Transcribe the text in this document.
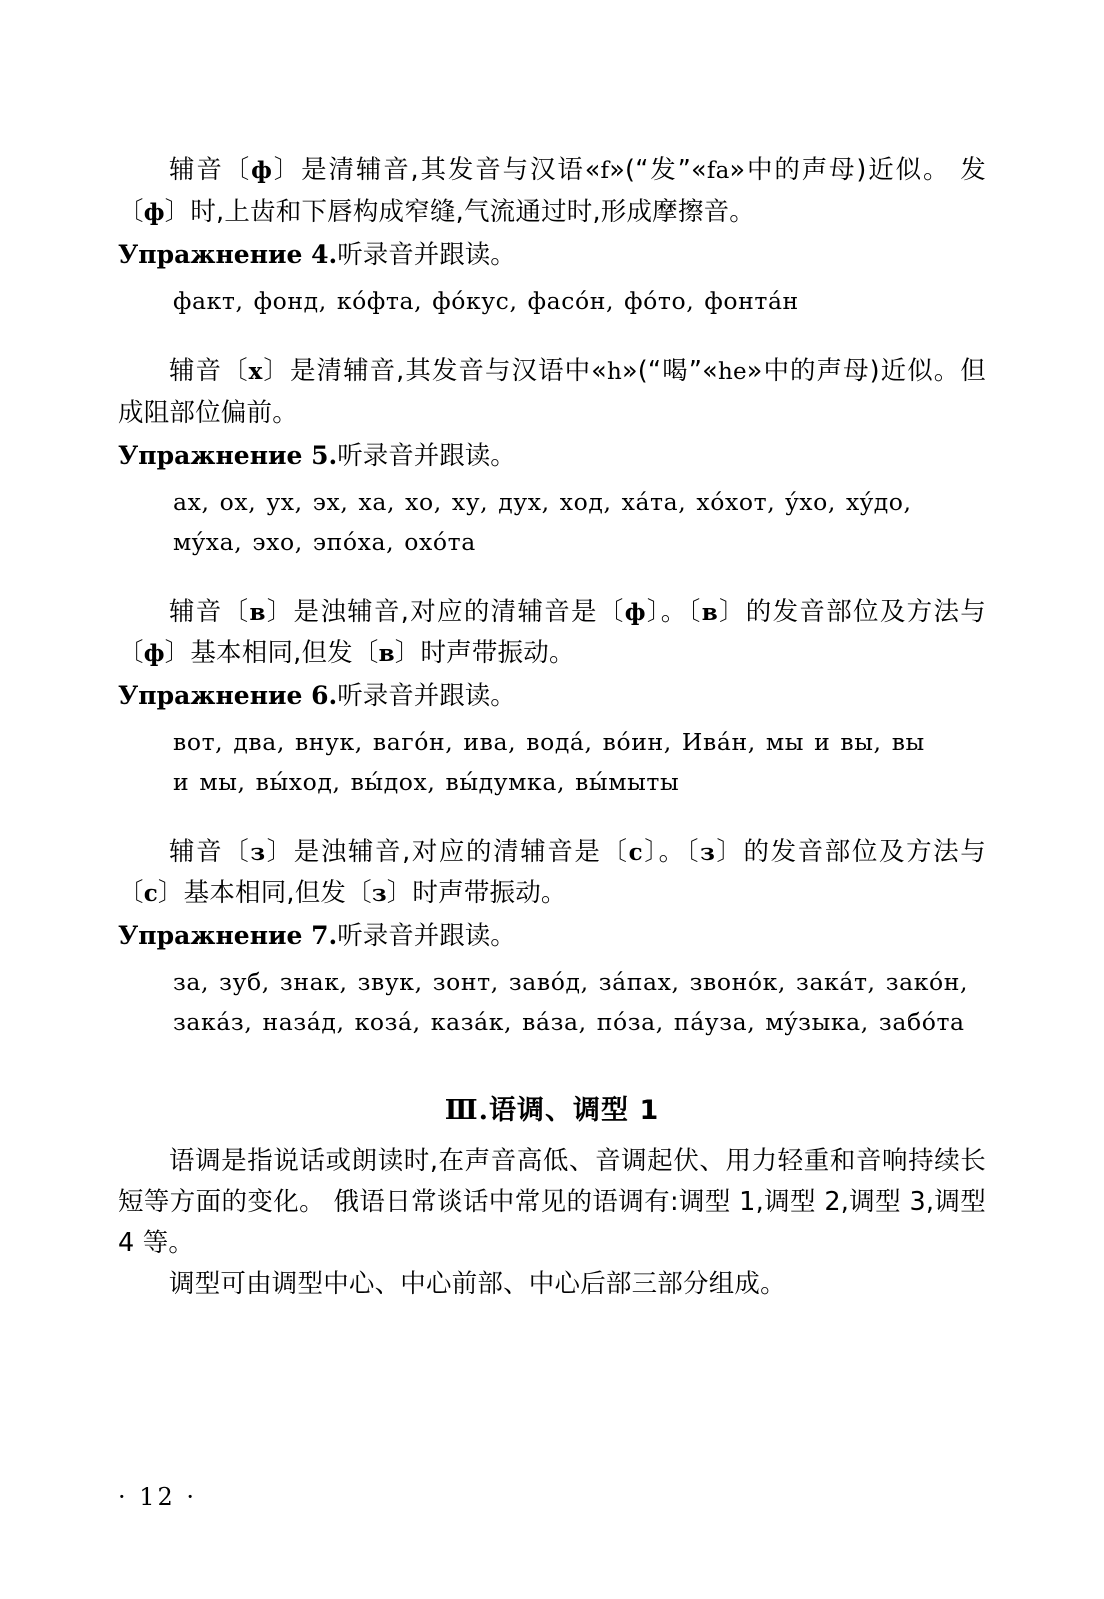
辅音〔ф〕是清辅音,其发音与汉语«f»(“发”«fa»中的声母)近似。 发〔ф〕时,上齿和下唇构成窄缝,气流通过时,形成摩擦音。

Упражнение 4.听录音并跟读。

факт, фонд, кóфта, фóкус, фасóн, фóто, фонтáн

辅音〔х〕是清辅音,其发音与汉语中«h»(“喝”«he»中的声母)近似。但成阻部位偏前。

Упражнение 5.听录音并跟读。

ах, ох, ух, эх, ха, хо, ху, дух, ход, хáта, хóхот, ýхо, хýдо,
мýха, эхо, эпóха, охóта

辅音〔в〕是浊辅音,对应的清辅音是〔ф〕。〔в〕的发音部位及方法与〔ф〕基本相同,但发〔в〕时声带振动。

Упражнение 6.听录音并跟读。

вот, два, внук, вагóн, ива, водá, вóин, Ивáн, мы и вы, вы
и мы, вы́ход, вы́дох, вы́думка, вы́мыты

辅音〔з〕是浊辅音,对应的清辅音是〔с〕。〔з〕的发音部位及方法与〔с〕基本相同,但发〔з〕时声带振动。

Упражнение 7.听录音并跟读。

за, зуб, знак, звук, зонт, завóд, зáпах, звонóк, закáт, закóн,
закáз, назáд, козá, казáк, вáза, пóза, пáуза, мýзыка, забóта

Ⅲ.语调、调型 1

语调是指说话或朗读时,在声音高低、音调起伏、用力轻重和音响持续长短等方面的变化。 俄语日常谈话中常见的语调有:调型 1,调型 2,调型 3,调型 4 等。

调型可由调型中心、中心前部、中心后部三部分组成。

· 12 ·
